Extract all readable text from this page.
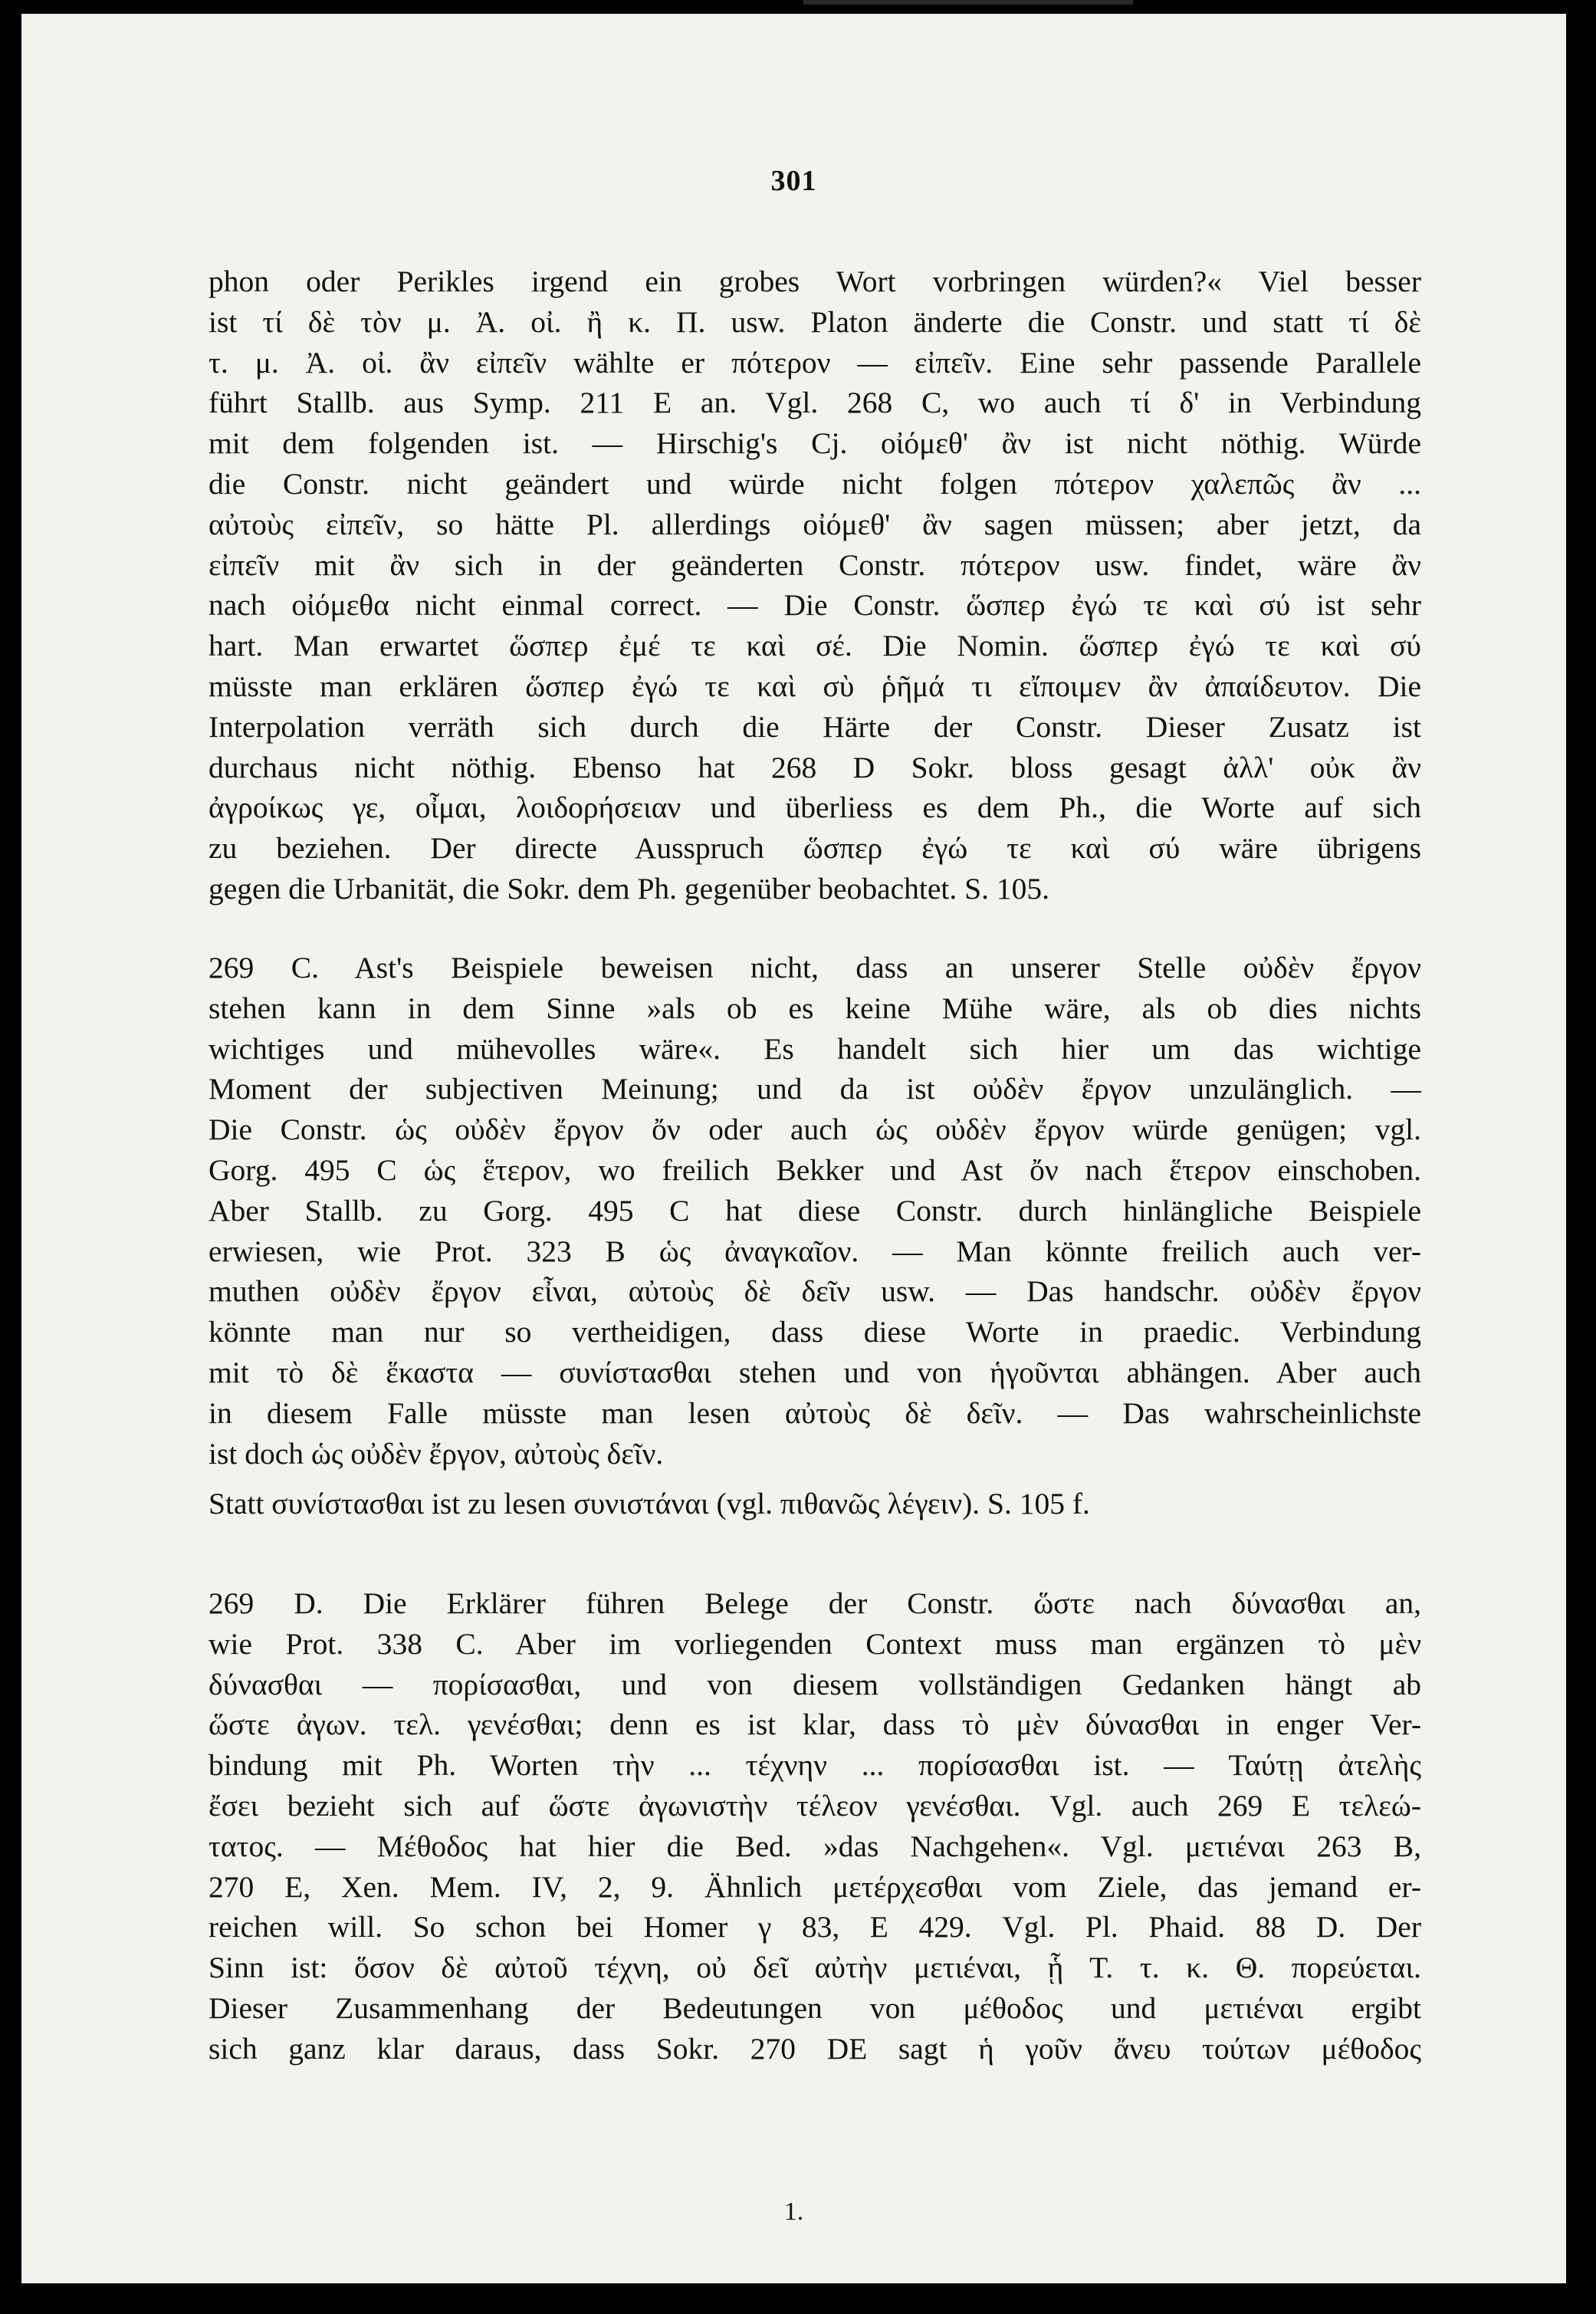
301
phon oder Perikles irgend ein grobes Wort vorbringen würden?« Viel besser
ist τί δὲ τὸν μ. Ἀ. οἰ. ἢ κ. Π. usw. Platon änderte die Constr. und statt τί δὲ
τ. μ. Ἀ. οἰ. ἂν εἰπεῖν wählte er πότερον — εἰπεῖν. Eine sehr passende Parallele
führt Stallb. aus Symp. 211 E an. Vgl. 268 C, wo auch τί δ' in Verbindung
mit dem folgenden ist. — Hirschig's Cj. οἰόμεθ' ἂν ist nicht nöthig. Würde
die Constr. nicht geändert und würde nicht folgen πότερον χαλεπῶς ἂν ...
αὐτοὺς εἰπεῖν, so hätte Pl. allerdings οἰόμεθ' ἂν sagen müssen; aber jetzt, da
εἰπεῖν mit ἂν sich in der geänderten Constr. πότερον usw. findet, wäre ἂν
nach οἰόμεθα nicht einmal correct. — Die Constr. ὥσπερ ἐγώ τε καὶ σύ ist sehr
hart. Man erwartet ὥσπερ ἐμέ τε καὶ σέ. Die Nomin. ὥσπερ ἐγώ τε καὶ σύ
müsste man erklären ὥσπερ ἐγώ τε καὶ σὺ ῥῆμά τι εἴποιμεν ἂν ἀπαίδευτον. Die
Interpolation verräth sich durch die Härte der Constr. Dieser Zusatz ist
durchaus nicht nöthig. Ebenso hat 268 D Sokr. bloss gesagt ἀλλ' οὐκ ἂν
ἀγροίκως γε, οἶμαι, λοιδορήσειαν und überliess es dem Ph., die Worte auf sich
zu beziehen. Der directe Ausspruch ὥσπερ ἐγώ τε καὶ σύ wäre übrigens
gegen die Urbanität, die Sokr. dem Ph. gegenüber beobachtet. S. 105.
269 C. Ast's Beispiele beweisen nicht, dass an unserer Stelle οὐδὲν ἔργον
stehen kann in dem Sinne »als ob es keine Mühe wäre, als ob dies nichts
wichtiges und mühevolles wäre«. Es handelt sich hier um das wichtige
Moment der subjectiven Meinung; und da ist οὐδὲν ἔργον unzulänglich. —
Die Constr. ὡς οὐδὲν ἔργον ὄν oder auch ὡς οὐδὲν ἔργον würde genügen; vgl.
Gorg. 495 C ὡς ἕτερον, wo freilich Bekker und Ast ὄν nach ἕτερον einschoben.
Aber Stallb. zu Gorg. 495 C hat diese Constr. durch hinlängliche Beispiele
erwiesen, wie Prot. 323 B ὡς ἀναγκαῖον. — Man könnte freilich auch ver-
muthen οὐδὲν ἔργον εἶναι, αὐτοὺς δὲ δεῖν usw. — Das handschr. οὐδὲν ἔργον
könnte man nur so vertheidigen, dass diese Worte in praedic. Verbindung
mit τὸ δὲ ἕκαστα — συνίστασθαι stehen und von ἡγοῦνται abhängen. Aber auch
in diesem Falle müsste man lesen αὐτοὺς δὲ δεῖν. — Das wahrscheinlichste
ist doch ὡς οὐδὲν ἔργον, αὐτοὺς δεῖν.
Statt συνίστασθαι ist zu lesen συνιστάναι (vgl. πιθανῶς λέγειν). S. 105 f.
269 D. Die Erklärer führen Belege der Constr. ὥστε nach δύνασθαι an,
wie Prot. 338 C. Aber im vorliegenden Context muss man ergänzen τὸ μὲν
δύνασθαι — πορίσασθαι, und von diesem vollständigen Gedanken hängt ab
ὥστε ἀγων. τελ. γενέσθαι; denn es ist klar, dass τὸ μὲν δύνασθαι in enger Ver-
bindung mit Ph. Worten τὴν ... τέχνην ... πορίσασθαι ist. — Ταύτῃ ἀτελὴς
ἔσει bezieht sich auf ὥστε ἀγωνιστὴν τέλεον γενέσθαι. Vgl. auch 269 E τελεώ-
τατος. — Μέθοδος hat hier die Bed. »das Nachgehen«. Vgl. μετιέναι 263 B,
270 E, Xen. Mem. IV, 2, 9. Ähnlich μετέρχεσθαι vom Ziele, das jemand er-
reichen will. So schon bei Homer γ 83, Ε 429. Vgl. Pl. Phaid. 88 D. Der
Sinn ist: ὅσον δὲ αὐτοῦ τέχνη, οὐ δεῖ αὐτὴν μετιέναι, ᾗ Τ. τ. κ. Θ. πορεύεται.
Dieser Zusammenhang der Bedeutungen von μέθοδος und μετιέναι ergibt
sich ganz klar daraus, dass Sokr. 270 DE sagt ἡ γοῦν ἄνευ τούτων μέθοδος
1.
